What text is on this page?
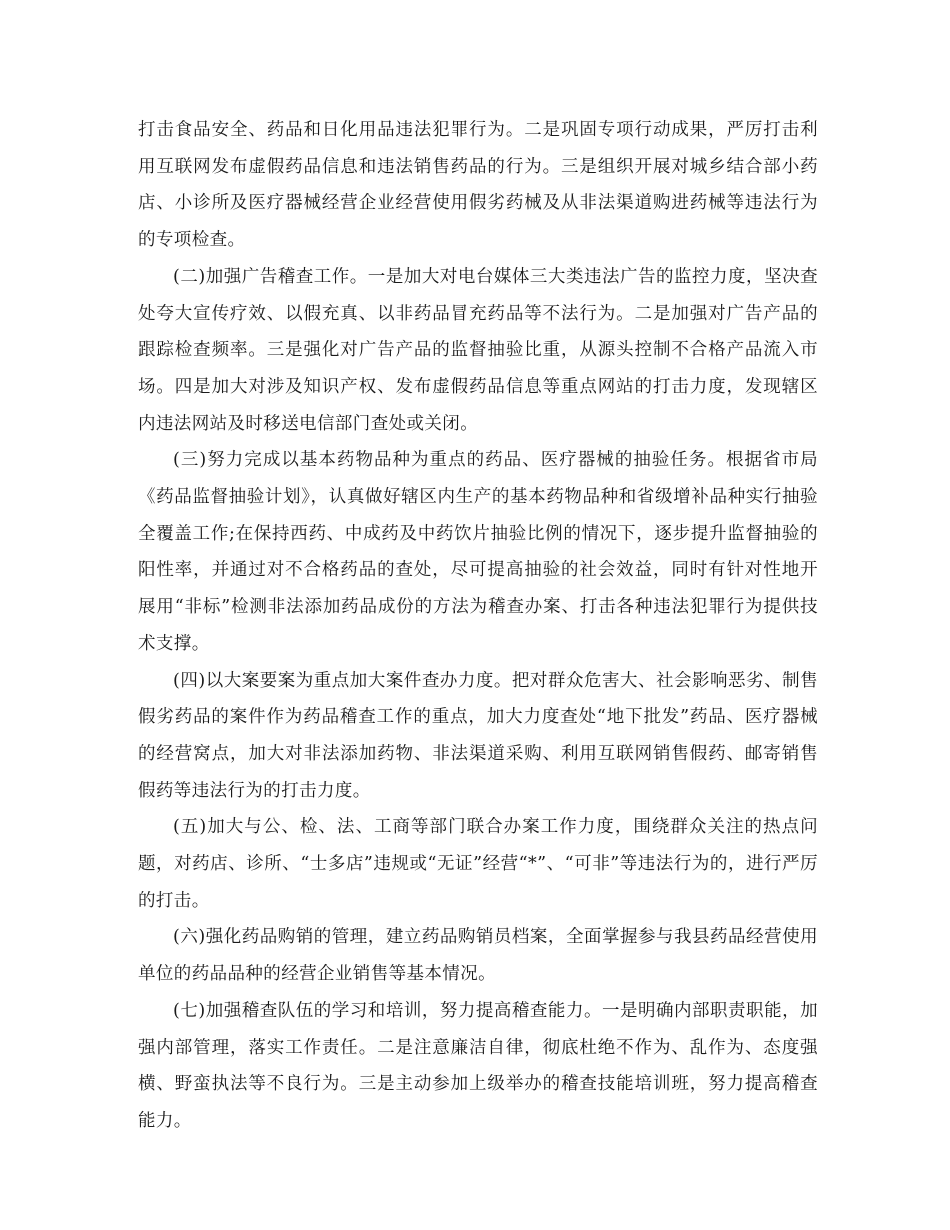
打击食品安全、药品和日化用品违法犯罪行为。二是巩固专项行动成果，严厉打击利用互联网发布虚假药品信息和违法销售药品的行为。三是组织开展对城乡结合部小药店、小诊所及医疗器械经营企业经营使用假劣药械及从非法渠道购进药械等违法行为的专项检查。

(二)加强广告稽查工作。一是加大对电台媒体三大类违法广告的监控力度，坚决查处夸大宣传疗效、以假充真、以非药品冒充药品等不法行为。二是加强对广告产品的跟踪检查频率。三是强化对广告产品的监督抽验比重，从源头控制不合格产品流入市场。四是加大对涉及知识产权、发布虚假药品信息等重点网站的打击力度，发现辖区内违法网站及时移送电信部门查处或关闭。

(三)努力完成以基本药物品种为重点的药品、医疗器械的抽验任务。根据省市局《药品监督抽验计划》，认真做好辖区内生产的基本药物品种和省级增补品种实行抽验全覆盖工作;在保持西药、中成药及中药饮片抽验比例的情况下，逐步提升监督抽验的阳性率，并通过对不合格药品的查处，尽可提高抽验的社会效益，同时有针对性地开展用“非标”检测非法添加药品成份的方法为稽查办案、打击各种违法犯罪行为提供技术支撑。

(四)以大案要案为重点加大案件查办力度。把对群众危害大、社会影响恶劣、制售假劣药品的案件作为药品稽查工作的重点，加大力度查处“地下批发”药品、医疗器械的经营窝点，加大对非法添加药物、非法渠道采购、利用互联网销售假药、邮寄销售假药等违法行为的打击力度。

(五)加大与公、检、法、工商等部门联合办案工作力度，围绕群众关注的热点问题，对药店、诊所、“士多店”违规或“无证”经营“*”、“可非”等违法行为的，进行严厉的打击。

(六)强化药品购销的管理，建立药品购销员档案，全面掌握参与我县药品经营使用单位的药品品种的经营企业销售等基本情况。

(七)加强稽查队伍的学习和培训，努力提高稽查能力。一是明确内部职责职能，加强内部管理，落实工作责任。二是注意廉洁自律，彻底杜绝不作为、乱作为、态度强横、野蛮执法等不良行为。三是主动参加上级举办的稽查技能培训班，努力提高稽查能力。
